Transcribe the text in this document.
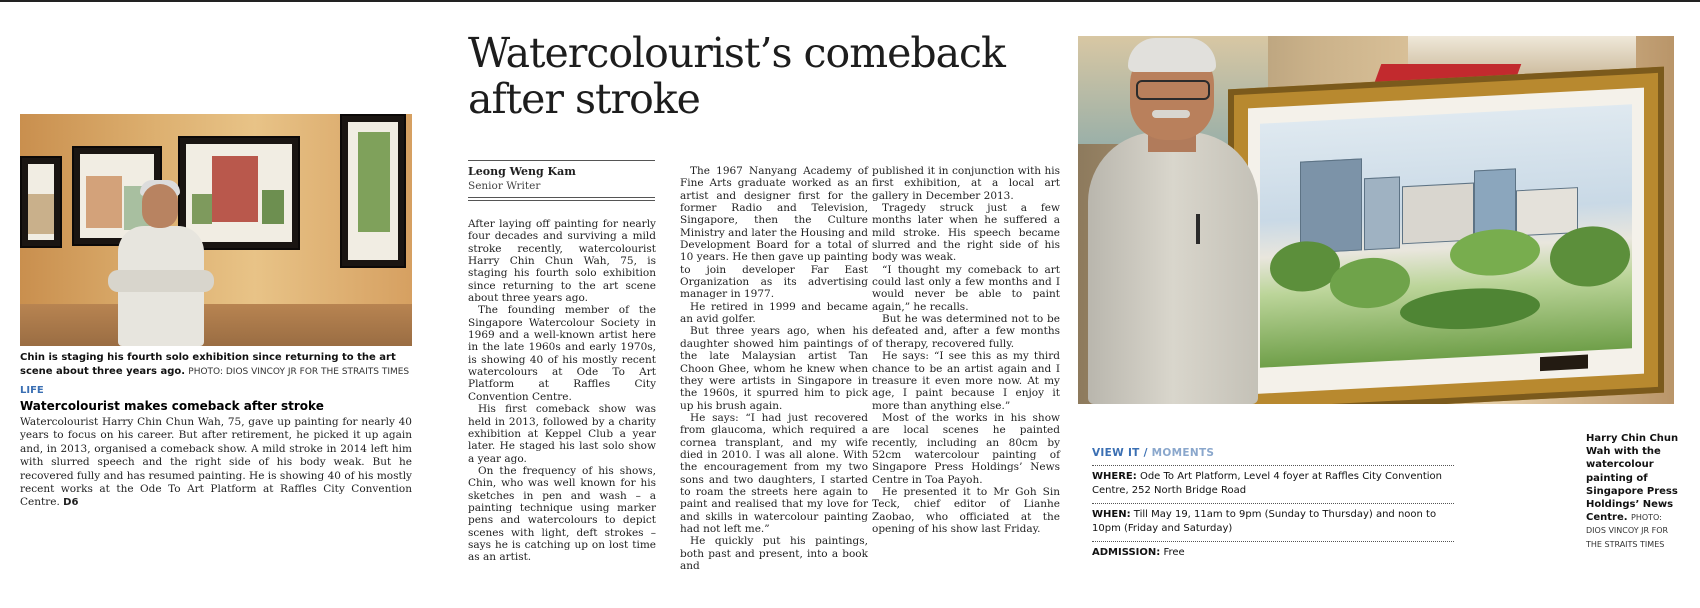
Chin is staging his fourth solo exhibition since returning to the art scene about three years ago. PHOTO: DIOS VINCOY JR FOR THE STRAITS TIMES
LIFE
Watercolourist makes comeback after stroke
Watercolourist Harry Chin Chun Wah, 75, gave up painting for nearly 40 years to focus on his career. But after retirement, he picked it up again and, in 2013, organised a comeback show. A mild stroke in 2014 left him with slurred speech and the right side of his body weak. But he recovered fully and has resumed painting. He is showing 40 of his mostly recent works at the Odе To Art Platform at Raffles City Convention Centre. D6
Watercolourist’s comeback
after stroke
Leong Weng Kam
Senior Writer

After laying off painting for nearly four decades and surviving a mild stroke recently, watercolourist Harry Chin Chun Wah, 75, is staging his fourth solo exhibition since returning to the art scene about three years ago.

The founding member of the Singapore Watercolour Society in 1969 and a well-known artist here in the late 1960s and early 1970s, is showing 40 of his mostly recent watercolours at Ode To Art Platform at Raffles City Convention Centre.

His first comeback show was held in 2013, followed by a charity exhibition at Keppel Club a year later. He staged his last solo show a year ago.

On the frequency of his shows, Chin, who was well known for his sketches in pen and wash – a painting technique using marker pens and watercolours to depict scenes with light, deft strokes – says he is catching up on lost time as an artist.

The 1967 Nanyang Academy of Fine Arts graduate worked as an artist and designer first for the former Radio and Television, Singapore, then the Culture Ministry and later the Housing and Development Board for a total of 10 years. He then gave up painting to join developer Far East Organization as its advertising manager in 1977.

He retired in 1999 and became an avid golfer.

But three years ago, when his daughter showed him paintings of the late Malaysian artist Tan Choon Ghee, whom he knew when they were artists in Singapore in the 1960s, it spurred him to pick up his brush again.

He says: “I had just recovered from glaucoma, which required a cornea transplant, and my wife died in 2010. I was all alone. With the encouragement from my two sons and two daughters, I started to roam the streets here again to paint and realised that my love for and skills in watercolour painting had not left me.”

He quickly put his paintings, both past and present, into a book and

published it in conjunction with his first exhibition, at a local art gallery in December 2013.

Tragedy struck just a few months later when he suffered a mild stroke. His speech became slurred and the right side of his body was weak.

“I thought my comeback to art could last only a few months and I would never be able to paint again,” he recalls.

But he was determined not to be defeated and, after a few months of therapy, recovered fully.

He says: “I see this as my third chance to be an artist again and I treasure it even more now. At my age, I paint because I enjoy it more than anything else.”

Most of the works in his show are local scenes he painted recently, including an 80cm by 52cm watercolour painting of Singapore Press Holdings’ News Centre in Toa Payoh.

He presented it to Mr Goh Sin Teck, chief editor of Lianhe Zaobao, who officiated at the opening of his show last Friday.

VIEW IT / MOMENTS
WHERE: Ode To Art Platform, Level 4 foyer at Raffles City Convention Centre, 252 North Bridge Road
WHEN: Till May 19, 11am to 9pm (Sunday to Thursday) and noon to 10pm (Friday and Saturday)
ADMISSION: Free
Harry Chin Chun Wah with the watercolour painting of Singapore Press Holdings’ News Centre. PHOTO: DIOS VINCOY JR FOR THE STRAITS TIMES
